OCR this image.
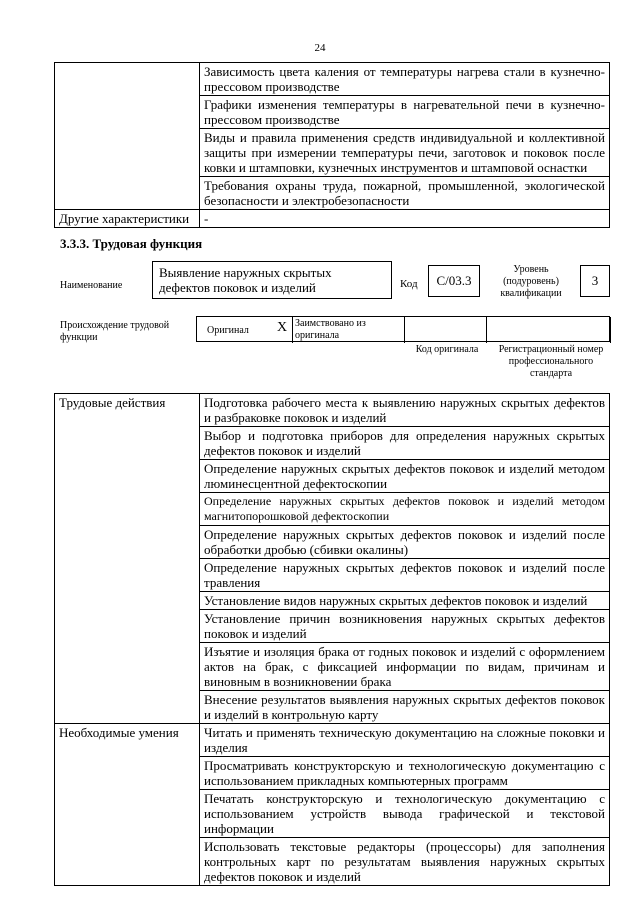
24
	Зависимость цвета каления от температуры нагрева стали в кузнечно-прессовом производстве
	Графики изменения температуры в нагревательной печи в кузнечно-прессовом производстве
	Виды и правила применения средств индивидуальной и коллективной защиты при измерении температуры печи, заготовок и поковок после ковки и штамповки, кузнечных инструментов и штамповой оснастки
	Требования охраны труда, пожарной, промышленной, экологической безопасности и электробезопасности
Другие характеристики	-
3.3.3. Трудовая функция
Наименование
Выявление наружных скрытых дефектов поковок и изделий	Код	С/03.3
Уровень (подуровень) квалификации
3
Происхождение трудовой функции
Оригинал X Заимствовано из оригинала
Код оригинала	Регистрационный номер профессионального стандарта
Трудовые действия	Подготовка рабочего места к выявлению наружных скрытых дефектов и разбраковке поковок и изделий
	Выбор и подготовка приборов для определения наружных скрытых дефектов поковок и изделий
	Определение наружных скрытых дефектов поковок и изделий методом люминесцентной дефектоскопии
	Определение наружных скрытых дефектов поковок и изделий методом магнитопорошковой дефектоскопии
	Определение наружных скрытых дефектов поковок и изделий после обработки дробью (сбивки окалины)
	Определение наружных скрытых дефектов поковок и изделий после травления
	Установление видов наружных скрытых дефектов поковок и изделий
	Установление причин возникновения наружных скрытых дефектов поковок и изделий
	Изъятие и изоляция брака от годных поковок и изделий с оформлением актов на брак, с фиксацией информации по видам, причинам и виновным в возникновении брака
	Внесение результатов выявления наружных скрытых дефектов поковок и изделий в контрольную карту
Необходимые умения	Читать и применять техническую документацию на сложные поковки и изделия
	Просматривать конструкторскую и технологическую документацию с использованием прикладных компьютерных программ
	Печатать конструкторскую и технологическую документацию с использованием устройств вывода графической и текстовой информации
	Использовать текстовые редакторы (процессоры) для заполнения контрольных карт по результатам выявления наружных скрытых дефектов поковок и изделий
